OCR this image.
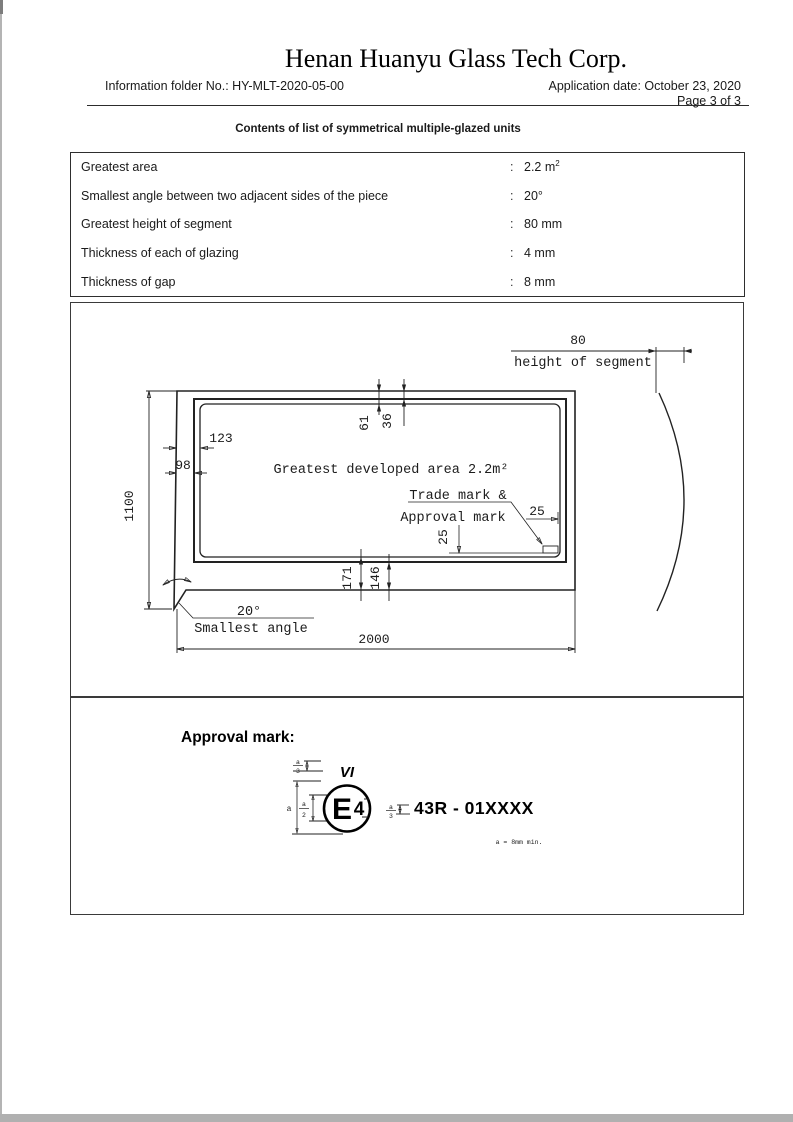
Henan Huanyu Glass Tech Corp.
Information folder No.: HY-MLT-2020-05-00	Application date: October 23, 2020
Page 3 of 3
Contents of list of symmetrical multiple-glazed units
Greatest area	: 2.2 $m^2$
Smallest angle between two adjacent sides of the piece	: 20°
Greatest height of segment	: 80 mm
Thickness of each of glazing	: 4 mm
Thickness of gap	: 8 mm
1100
2000
123
98
61 36
Greatest developed area 2.2m²
Trade mark &
Approval mark 25
25
171 146
20°
Smallest angle
80
height of segment
Approval mark:
a
3	VI
a
a
2 E 4	a
3 43R - 01XXXX
a = 8mm min.
